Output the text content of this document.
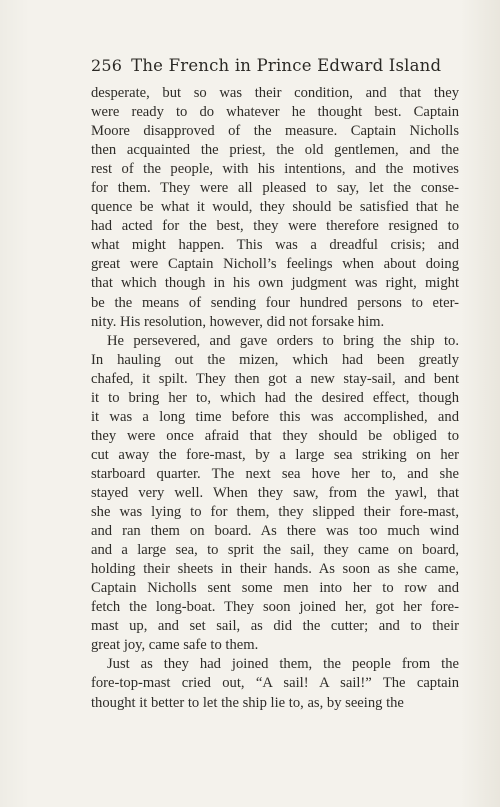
256 The French in Prince Edward Island
desperate, but so was their condition, and that they
were ready to do whatever he thought best. Captain
Moore disapproved of the measure. Captain Nicholls
then acquainted the priest, the old gentlemen, and the
rest of the people, with his intentions, and the motives
for them. They were all pleased to say, let the conse-
quence be what it would, they should be satisfied that he
had acted for the best, they were therefore resigned to
what might happen. This was a dreadful crisis; and
great were Captain Nicholl’s feelings when about doing
that which though in his own judgment was right, might
be the means of sending four hundred persons to eter-
nity. His resolution, however, did not forsake him.
He persevered, and gave orders to bring the ship to.
In hauling out the mizen, which had been greatly
chafed, it spilt. They then got a new stay-sail, and bent
it to bring her to, which had the desired effect, though
it was a long time before this was accomplished, and
they were once afraid that they should be obliged to
cut away the fore-mast, by a large sea striking on her
starboard quarter. The next sea hove her to, and she
stayed very well. When they saw, from the yawl, that
she was lying to for them, they slipped their fore-mast,
and ran them on board. As there was too much wind
and a large sea, to sprit the sail, they came on board,
holding their sheets in their hands. As soon as she came,
Captain Nicholls sent some men into her to row and
fetch the long-boat. They soon joined her, got her fore-
mast up, and set sail, as did the cutter; and to their
great joy, came safe to them.
Just as they had joined them, the people from the
fore-top-mast cried out, “A sail! A sail!” The captain
thought it better to let the ship lie to, as, by seeing the
